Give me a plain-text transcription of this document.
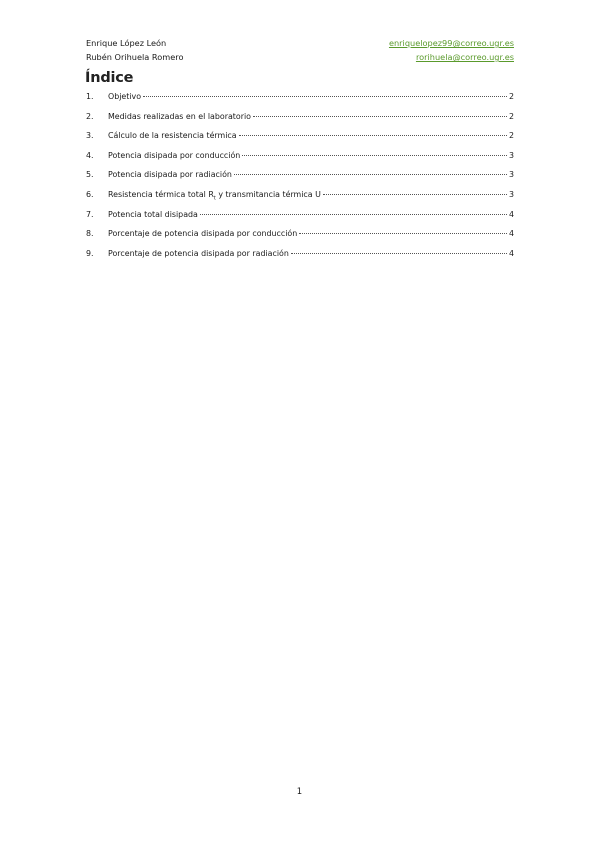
Enrique López León	enriquelopez99@correo.ugr.es
Rubén Orihuela Romero	rorihuela@correo.ugr.es
Índice
1.	Objetivo	2
2.	Medidas realizadas en el laboratorio	2
3.	Cálculo de la resistencia térmica	2
4.	Potencia disipada por conducción	3
5.	Potencia disipada por radiación	3
6.	Resistencia térmica total $R_t$ y transmitancia térmica U	3
7.	Potencia total disipada	4
8.	Porcentaje de potencia disipada por conducción	4
9.	Porcentaje de potencia disipada por radiación	4
1
